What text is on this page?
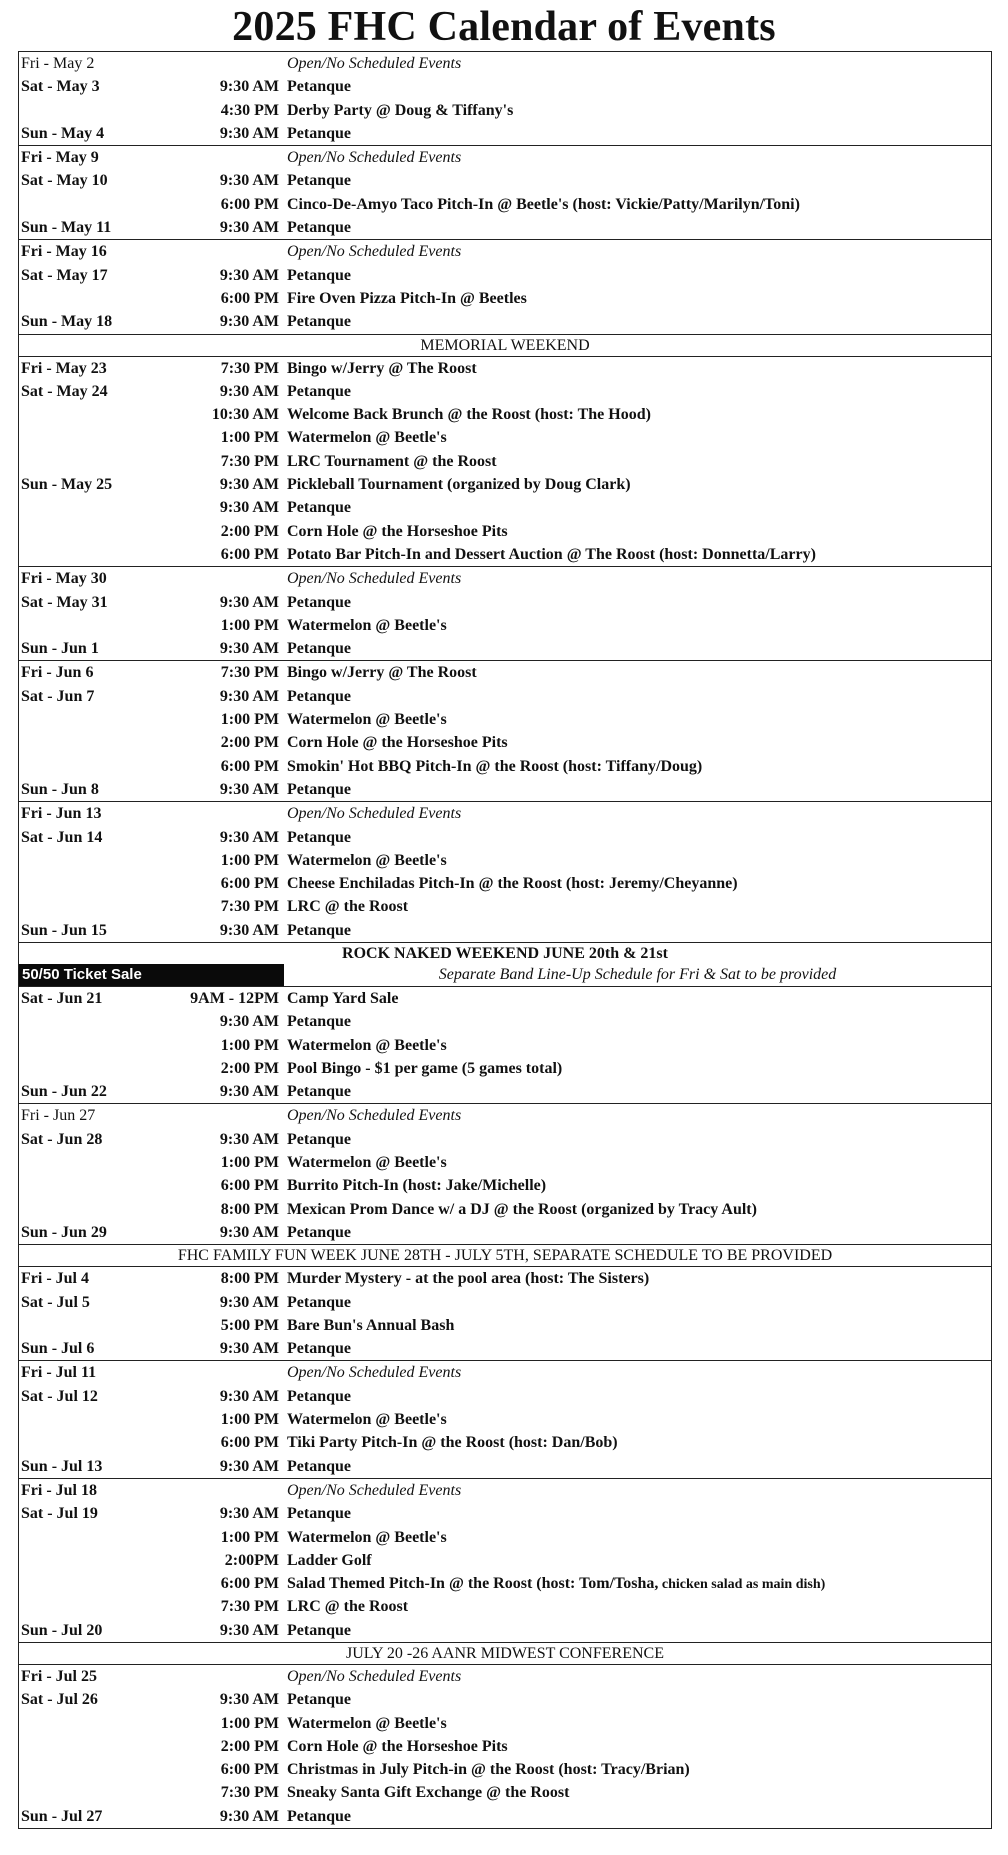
2025 FHC Calendar of Events
Fri - May 2	Open/No Scheduled Events
Sat - May 3	9:30 AM Petanque
4:30 PM Derby Party @ Doug & Tiffany's
Sun - May 4	9:30 AM Petanque
Fri - May 9	Open/No Scheduled Events
Sat - May 10	9:30 AM Petanque
6:00 PM Cinco-De-Amyo Taco Pitch-In @ Beetle's (host: Vickie/Patty/Marilyn/Toni)
Sun - May 11	9:30 AM Petanque
Fri - May 16	Open/No Scheduled Events
Sat - May 17	9:30 AM Petanque
6:00 PM Fire Oven Pizza Pitch-In @ Beetles
Sun - May 18	9:30 AM Petanque
MEMORIAL WEEKEND
Fri - May 23	7:30 PM Bingo w/Jerry @ The Roost
Sat - May 24	9:30 AM Petanque
10:30 AM Welcome Back Brunch @ the Roost (host: The Hood)
1:00 PM Watermelon @ Beetle's
7:30 PM LRC Tournament @ the Roost
Sun - May 25	9:30 AM Pickleball Tournament (organized by Doug Clark)
9:30 AM Petanque
2:00 PM Corn Hole @ the Horseshoe Pits
6:00 PM Potato Bar Pitch-In and Dessert Auction @ The Roost (host: Donnetta/Larry)
Fri - May 30	Open/No Scheduled Events
Sat - May 31	9:30 AM Petanque
1:00 PM Watermelon @ Beetle's
Sun - Jun 1	9:30 AM Petanque
Fri - Jun 6	7:30 PM Bingo w/Jerry @ The Roost
Sat - Jun 7	9:30 AM Petanque
1:00 PM Watermelon @ Beetle's
2:00 PM Corn Hole @ the Horseshoe Pits
6:00 PM Smokin' Hot BBQ Pitch-In @ the Roost (host: Tiffany/Doug)
Sun - Jun 8	9:30 AM Petanque
Fri - Jun 13	Open/No Scheduled Events
Sat - Jun 14	9:30 AM Petanque
1:00 PM Watermelon @ Beetle's
6:00 PM Cheese Enchiladas Pitch-In @ the Roost (host: Jeremy/Cheyanne)
7:30 PM LRC @ the Roost
Sun - Jun 15	9:30 AM Petanque
ROCK NAKED WEEKEND JUNE 20th & 21st
50/50 Ticket Sale	Separate Band Line-Up Schedule for Fri & Sat to be provided
Sat - Jun 21	9AM - 12PM Camp Yard Sale
9:30 AM Petanque
1:00 PM Watermelon @ Beetle's
2:00 PM Pool Bingo - $1 per game (5 games total)
Sun - Jun 22	9:30 AM Petanque
Fri - Jun 27	Open/No Scheduled Events
Sat - Jun 28	9:30 AM Petanque
1:00 PM Watermelon @ Beetle's
6:00 PM Burrito Pitch-In (host: Jake/Michelle)
8:00 PM Mexican Prom Dance w/ a DJ @ the Roost (organized by Tracy Ault)
Sun - Jun 29	9:30 AM Petanque
FHC FAMILY FUN WEEK JUNE 28TH - JULY 5TH, SEPARATE SCHEDULE TO BE PROVIDED
Fri - Jul 4	8:00 PM Murder Mystery - at the pool area (host: The Sisters)
Sat - Jul 5	9:30 AM Petanque
5:00 PM Bare Bun's Annual Bash
Sun - Jul 6	9:30 AM Petanque
Fri - Jul 11	Open/No Scheduled Events
Sat - Jul 12	9:30 AM Petanque
1:00 PM Watermelon @ Beetle's
6:00 PM Tiki Party Pitch-In @ the Roost (host: Dan/Bob)
Sun - Jul 13	9:30 AM Petanque
Fri - Jul 18	Open/No Scheduled Events
Sat - Jul 19	9:30 AM Petanque
1:00 PM Watermelon @ Beetle's
2:00PM Ladder Golf
6:00 PM Salad Themed Pitch-In @ the Roost (host: Tom/Tosha, chicken salad as main dish)
7:30 PM LRC @ the Roost
Sun - Jul 20	9:30 AM Petanque
JULY 20 -26 AANR MIDWEST CONFERENCE
Fri - Jul 25	Open/No Scheduled Events
Sat - Jul 26	9:30 AM Petanque
1:00 PM Watermelon @ Beetle's
2:00 PM Corn Hole @ the Horseshoe Pits
6:00 PM Christmas in July Pitch-in @ the Roost (host: Tracy/Brian)
7:30 PM Sneaky Santa Gift Exchange @ the Roost
Sun - Jul 27	9:30 AM Petanque
